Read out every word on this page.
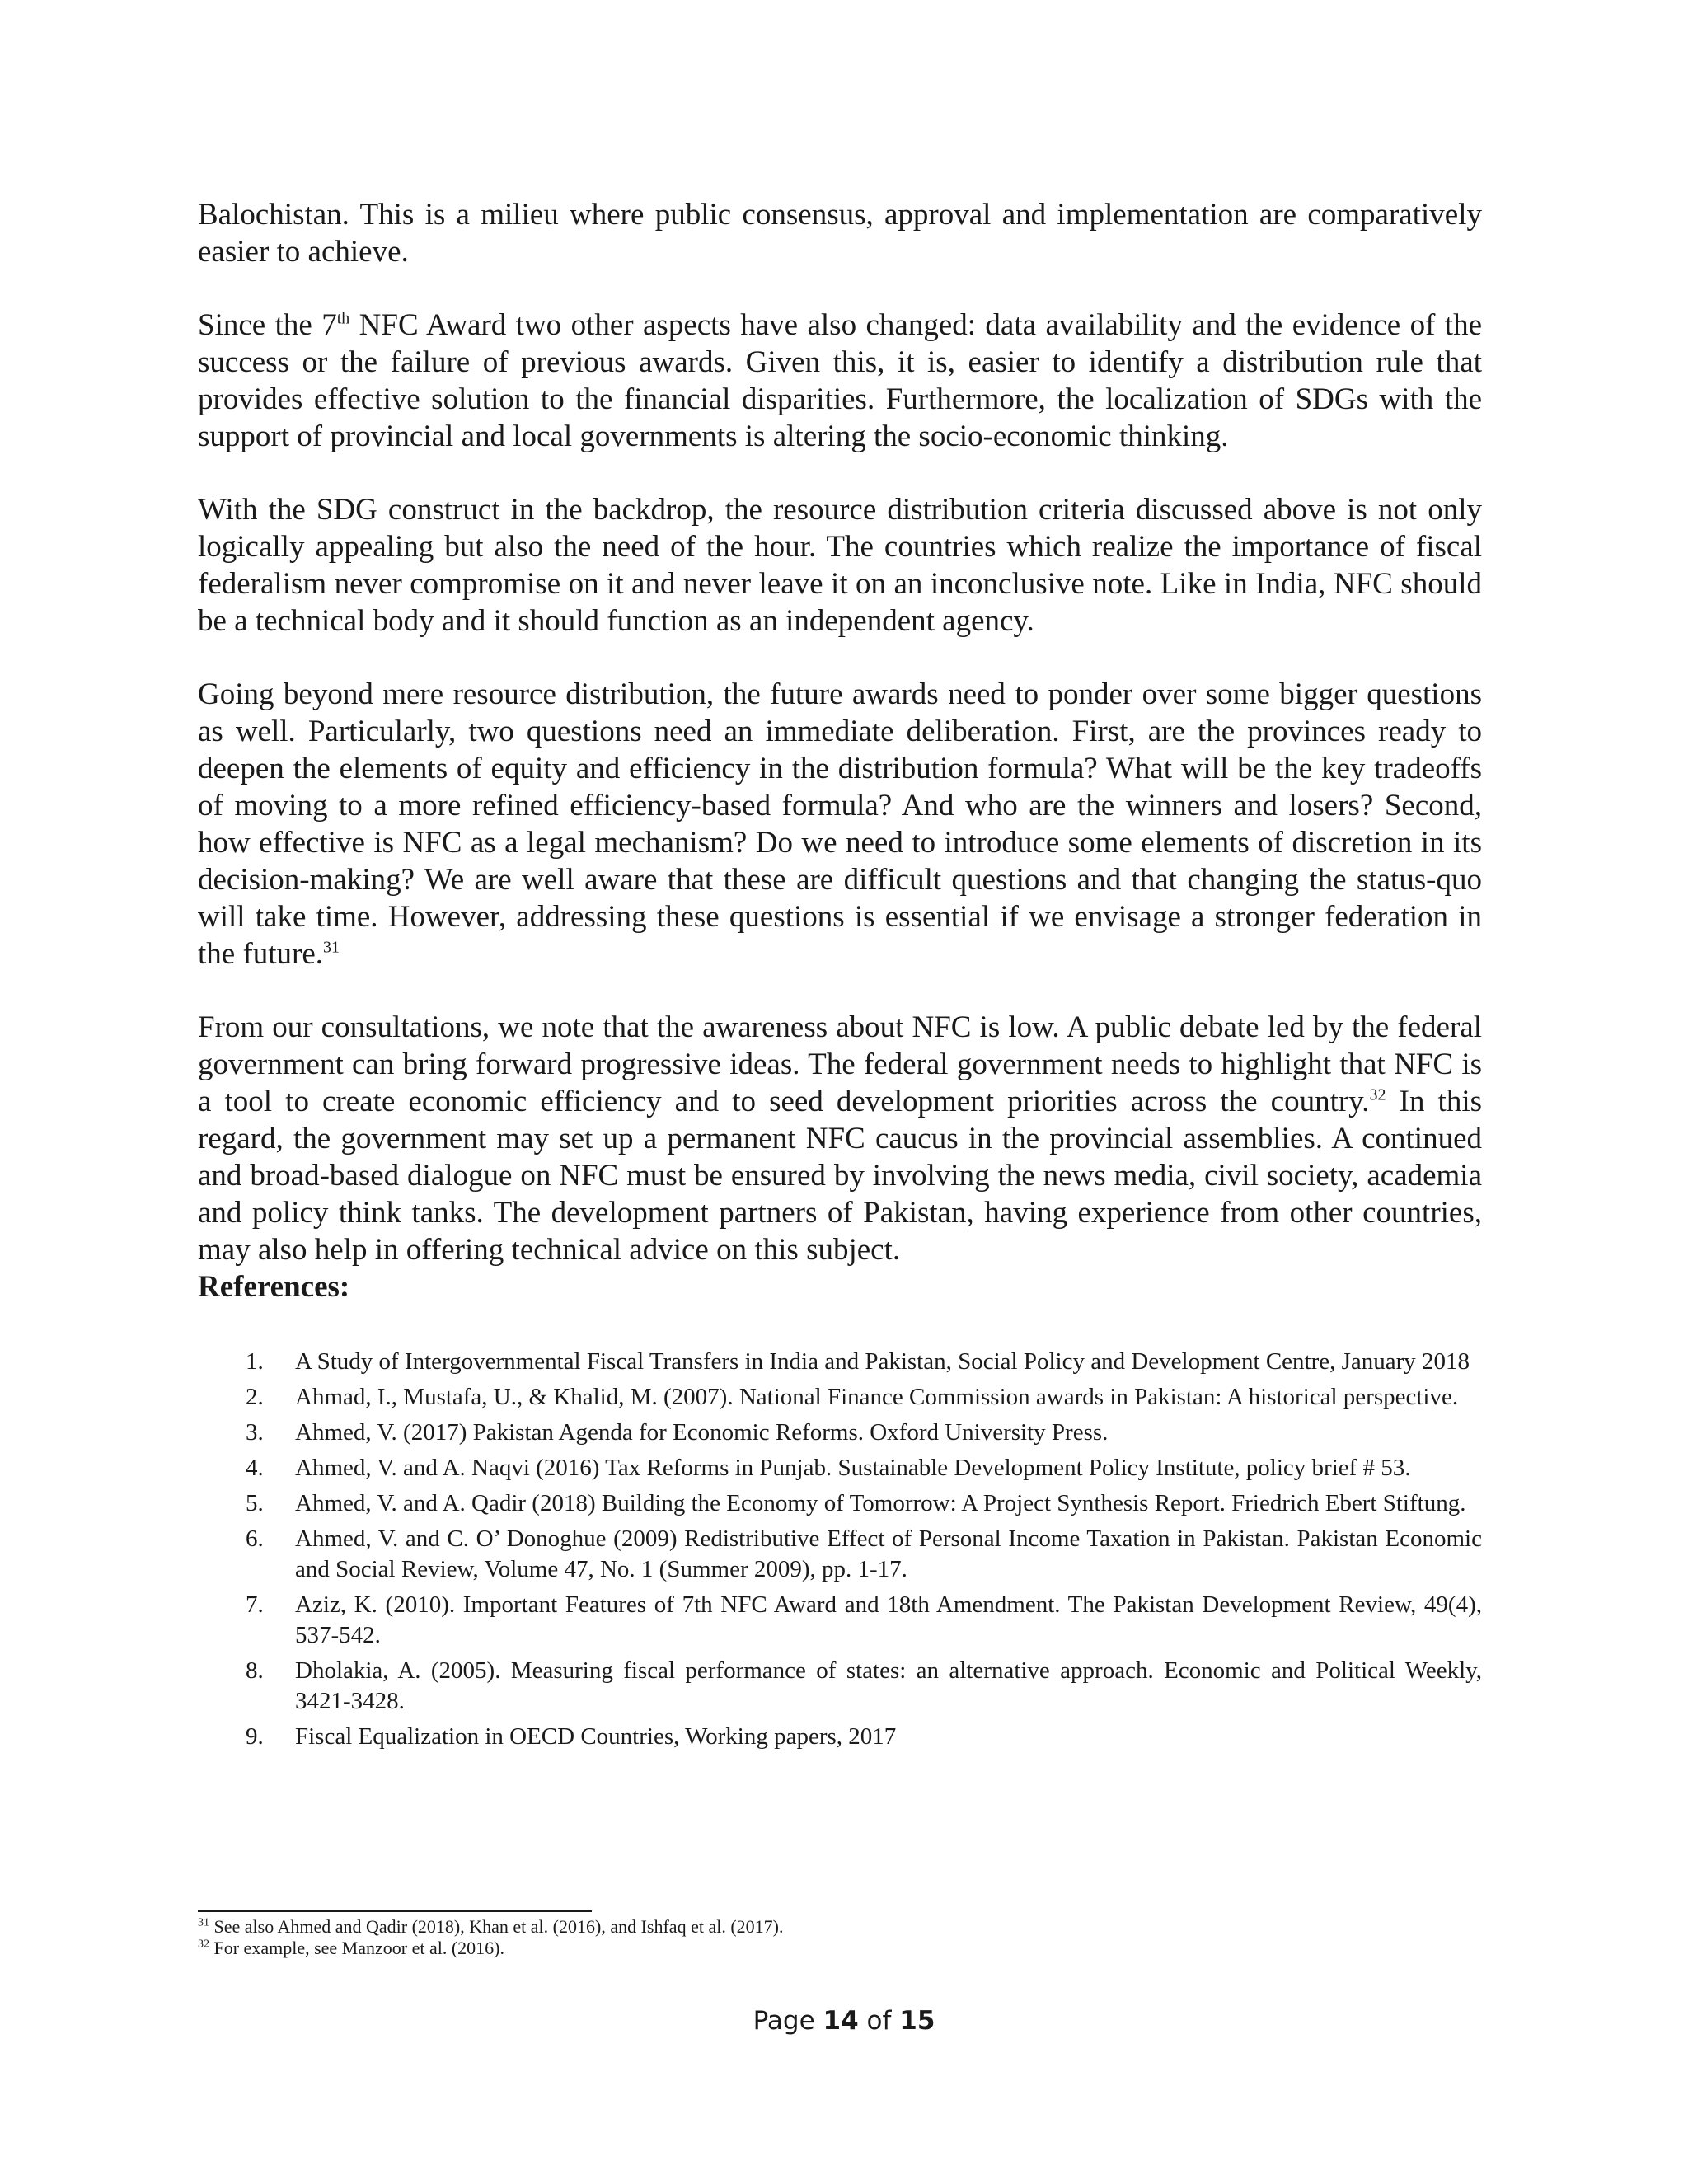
Balochistan. This is a milieu where public consensus, approval and implementation are comparatively easier to achieve.

Since the 7th NFC Award two other aspects have also changed: data availability and the evidence of the success or the failure of previous awards. Given this, it is, easier to identify a distribution rule that provides effective solution to the financial disparities. Furthermore, the localization of SDGs with the support of provincial and local governments is altering the socio-economic thinking.

With the SDG construct in the backdrop, the resource distribution criteria discussed above is not only logically appealing but also the need of the hour. The countries which realize the importance of fiscal federalism never compromise on it and never leave it on an inconclusive note. Like in India, NFC should be a technical body and it should function as an independent agency.

Going beyond mere resource distribution, the future awards need to ponder over some bigger questions as well. Particularly, two questions need an immediate deliberation. First, are the provinces ready to deepen the elements of equity and efficiency in the distribution formula? What will be the key tradeoffs of moving to a more refined efficiency-based formula? And who are the winners and losers? Second, how effective is NFC as a legal mechanism? Do we need to introduce some elements of discretion in its decision-making? We are well aware that these are difficult questions and that changing the status-quo will take time. However, addressing these questions is essential if we envisage a stronger federation in the future.$^{31}$

From our consultations, we note that the awareness about NFC is low. A public debate led by the federal government can bring forward progressive ideas. The federal government needs to highlight that NFC is a tool to create economic efficiency and to seed development priorities across the country.$^{32}$ In this regard, the government may set up a permanent NFC caucus in the provincial assemblies. A continued and broad-based dialogue on NFC must be ensured by involving the news media, civil society, academia and policy think tanks. The development partners of Pakistan, having experience from other countries, may also help in offering technical advice on this subject.

References:

1. A Study of Intergovernmental Fiscal Transfers in India and Pakistan, Social Policy and Development Centre, January 2018
2. Ahmad, I., Mustafa, U., & Khalid, M. (2007). National Finance Commission awards in Pakistan: A historical perspective.
3. Ahmed, V. (2017) Pakistan Agenda for Economic Reforms. Oxford University Press.
4. Ahmed, V. and A. Naqvi (2016) Tax Reforms in Punjab. Sustainable Development Policy Institute, policy brief # 53.
5. Ahmed, V. and A. Qadir (2018) Building the Economy of Tomorrow: A Project Synthesis Report. Friedrich Ebert Stiftung.
6. Ahmed, V. and C. O’ Donoghue (2009) Redistributive Effect of Personal Income Taxation in Pakistan. Pakistan Economic and Social Review, Volume 47, No. 1 (Summer 2009), pp. 1-17.
7. Aziz, K. (2010). Important Features of 7th NFC Award and 18th Amendment. The Pakistan Development Review, 49(4), 537-542.
8. Dholakia, A. (2005). Measuring fiscal performance of states: an alternative approach. Economic and Political Weekly, 3421-3428.
9. Fiscal Equalization in OECD Countries, Working papers, 2017
$^{31}$ See also Ahmed and Qadir (2018), Khan et al. (2016), and Ishfaq et al. (2017).
$^{32}$ For example, see Manzoor et al. (2016).
Page 14 of 15
